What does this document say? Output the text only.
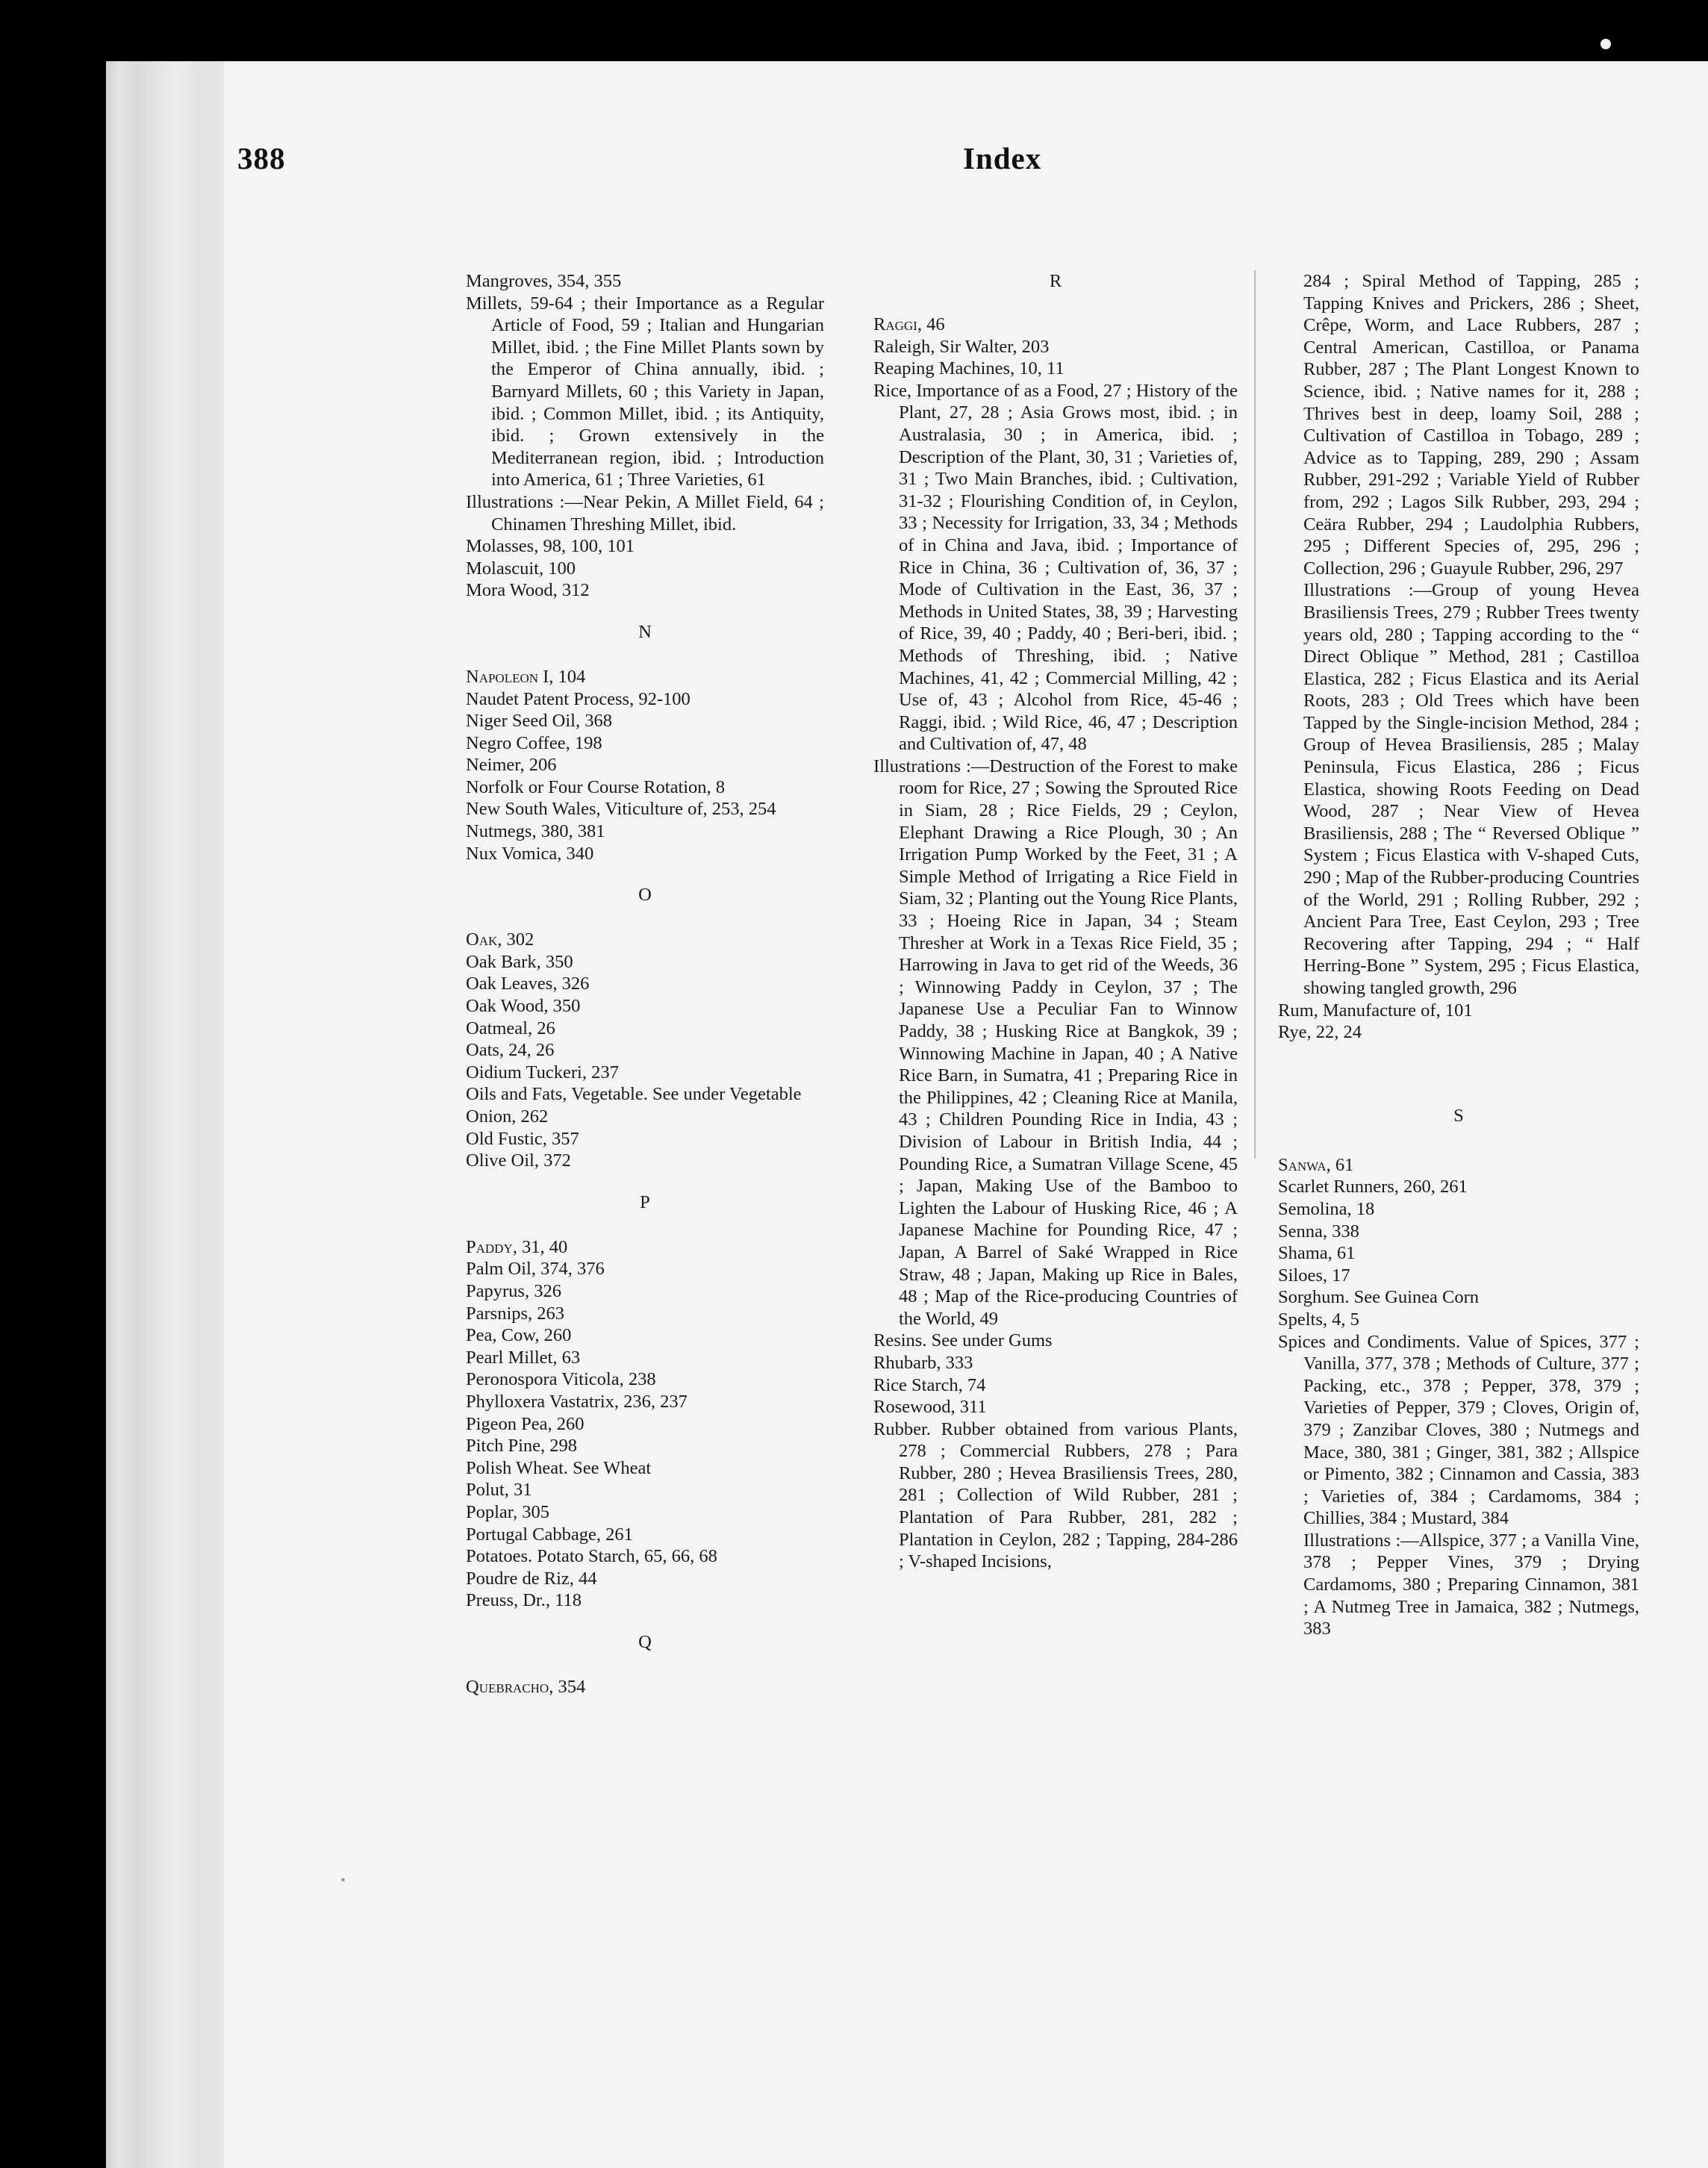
388	Index
Mangroves, 354, 355
Millets, 59-64 ; their Importance as a Regular Article of Food, 59 ; Italian and Hungarian Millet, ibid. ; the Fine Millet Plants sown by the Emperor of China annually, ibid. ; Barnyard Millets, 60 ; this Variety in Japan, ibid. ; Common Millet, ibid. ; its Antiquity, ibid. ; Grown extensively in the Mediterranean region, ibid. ; Introduction into America, 61 ; Three Varieties, 61
Illustrations :—Near Pekin, A Millet Field, 64 ; Chinamen Threshing Millet, ibid.
Molasses, 98, 100, 101
Molascuit, 100
Mora Wood, 312
N
Napoleon I, 104
Naudet Patent Process, 92-100
Niger Seed Oil, 368
Negro Coffee, 198
Neimer, 206
Norfolk or Four Course Rotation, 8
New South Wales, Viticulture of, 253, 254
Nutmegs, 380, 381
Nux Vomica, 340
O
Oak, 302
Oak Bark, 350
Oak Leaves, 326
Oak Wood, 350
Oatmeal, 26
Oats, 24, 26
Oidium Tuckeri, 237
Oils and Fats, Vegetable. See under Vegetable
Onion, 262
Old Fustic, 357
Olive Oil, 372
P
Paddy, 31, 40
Palm Oil, 374, 376
Papyrus, 326
Parsnips, 263
Pea, Cow, 260
Pearl Millet, 63
Peronospora Viticola, 238
Phylloxera Vastatrix, 236, 237
Pigeon Pea, 260
Pitch Pine, 298
Polish Wheat. See Wheat
Polut, 31
Poplar, 305
Portugal Cabbage, 261
Potatoes. Potato Starch, 65, 66, 68
Poudre de Riz, 44
Preuss, Dr., 118
Q
Quebracho, 354
R
Raggi, 46
Raleigh, Sir Walter, 203
Reaping Machines, 10, 11
Rice, Importance of as a Food, 27 ; History of the Plant, 27, 28 ; Asia Grows most, ibid. ; in Australasia, 30 ; in America, ibid. ; Description of the Plant, 30, 31 ; Varieties of, 31 ; Two Main Branches, ibid. ; Cultivation, 31-32 ; Flourishing Condition of, in Ceylon, 33 ; Necessity for Irrigation, 33, 34 ; Methods of in China and Java, ibid. ; Importance of Rice in China, 36 ; Cultivation of, 36, 37 ; Mode of Cultivation in the East, 36, 37 ; Methods in United States, 38, 39 ; Harvesting of Rice, 39, 40 ; Paddy, 40 ; Beri-beri, ibid. ; Methods of Threshing, ibid. ; Native Machines, 41, 42 ; Commercial Milling, 42 ; Use of, 43 ; Alcohol from Rice, 45-46 ; Raggi, ibid. ; Wild Rice, 46, 47 ; Description and Cultivation of, 47, 48
Illustrations :—Destruction of the Forest to make room for Rice, 27 ; Sowing the Sprouted Rice in Siam, 28 ; Rice Fields, 29 ; Ceylon, Elephant Drawing a Rice Plough, 30 ; An Irrigation Pump Worked by the Feet, 31 ; A Simple Method of Irrigating a Rice Field in Siam, 32 ; Planting out the Young Rice Plants, 33 ; Hoeing Rice in Japan, 34 ; Steam Thresher at Work in a Texas Rice Field, 35 ; Harrowing in Java to get rid of the Weeds, 36 ; Winnowing Paddy in Ceylon, 37 ; The Japanese Use a Peculiar Fan to Winnow Paddy, 38 ; Husking Rice at Bangkok, 39 ; Winnowing Machine in Japan, 40 ; A Native Rice Barn, in Sumatra, 41 ; Preparing Rice in the Philippines, 42 ; Cleaning Rice at Manila, 43 ; Children Pounding Rice in India, 43 ; Division of Labour in British India, 44 ; Pounding Rice, a Sumatran Village Scene, 45 ; Japan, Making Use of the Bamboo to Lighten the Labour of Husking Rice, 46 ; A Japanese Machine for Pounding Rice, 47 ; Japan, A Barrel of Saké Wrapped in Rice Straw, 48 ; Japan, Making up Rice in Bales, 48 ; Map of the Rice-producing Countries of the World, 49
Resins. See under Gums
Rhubarb, 333
Rice Starch, 74
Rosewood, 311
Rubber. Rubber obtained from various Plants, 278 ; Commercial Rubbers, 278 ; Para Rubber, 280 ; Hevea Brasiliensis Trees, 280, 281 ; Collection of Wild Rubber, 281 ; Plantation of Para Rubber, 281, 282 ; Plantation in Ceylon, 282 ; Tapping, 284-286 ; V-shaped Incisions,
284 ; Spiral Method of Tapping, 285 ; Tapping Knives and Prickers, 286 ; Sheet, Crêpe, Worm, and Lace Rubbers, 287 ; Central American, Castilloa, or Panama Rubber, 287 ; The Plant Longest Known to Science, ibid. ; Native names for it, 288 ; Thrives best in deep, loamy Soil, 288 ; Cultivation of Castilloa in Tobago, 289 ; Advice as to Tapping, 289, 290 ; Assam Rubber, 291-292 ; Variable Yield of Rubber from, 292 ; Lagos Silk Rubber, 293, 294 ; Ceära Rubber, 294 ; Laudolphia Rubbers, 295 ; Different Species of, 295, 296 ; Collection, 296 ; Guayule Rubber, 296, 297
Illustrations :—Group of young Hevea Brasiliensis Trees, 279 ; Rubber Trees twenty years old, 280 ; Tapping according to the “ Direct Oblique ” Method, 281 ; Castilloa Elastica, 282 ; Ficus Elastica and its Aerial Roots, 283 ; Old Trees which have been Tapped by the Single-incision Method, 284 ; Group of Hevea Brasiliensis, 285 ; Malay Peninsula, Ficus Elastica, 286 ; Ficus Elastica, showing Roots Feeding on Dead Wood, 287 ; Near View of Hevea Brasiliensis, 288 ; The “ Reversed Oblique ” System ; Ficus Elastica with V-shaped Cuts, 290 ; Map of the Rubber-producing Countries of the World, 291 ; Rolling Rubber, 292 ; Ancient Para Tree, East Ceylon, 293 ; Tree Recovering after Tapping, 294 ; “ Half Herring-Bone ” System, 295 ; Ficus Elastica, showing tangled growth, 296
Rum, Manufacture of, 101
Rye, 22, 24
S
Sanwa, 61
Scarlet Runners, 260, 261
Semolina, 18
Senna, 338
Shama, 61
Siloes, 17
Sorghum. See Guinea Corn
Spelts, 4, 5
Spices and Condiments. Value of Spices, 377 ; Vanilla, 377, 378 ; Methods of Culture, 377 ; Packing, etc., 378 ; Pepper, 378, 379 ; Varieties of Pepper, 379 ; Cloves, Origin of, 379 ; Zanzibar Cloves, 380 ; Nutmegs and Mace, 380, 381 ; Ginger, 381, 382 ; Allspice or Pimento, 382 ; Cinnamon and Cassia, 383 ; Varieties of, 384 ; Cardamoms, 384 ; Chillies, 384 ; Mustard, 384
Illustrations :—Allspice, 377 ; a Vanilla Vine, 378 ; Pepper Vines, 379 ; Drying Cardamoms, 380 ; Preparing Cinnamon, 381 ; A Nutmeg Tree in Jamaica, 382 ; Nutmegs, 383
•
